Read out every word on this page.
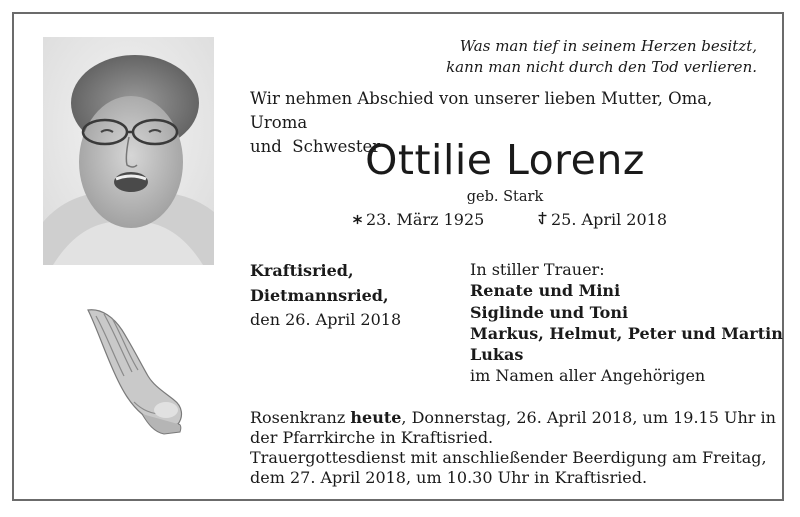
Was man tief in seinem Herzen besitzt,
kann man nicht durch den Tod verlieren.
Wir nehmen Abschied von unserer lieben Mutter, Oma, Uroma
und  Schwester
Ottilie Lorenz
geb. Stark
23. März 1925	25. April 2018
Kraftisried,
Dietmannsried,
den 26. April 2018
In stiller Trauer:
Renate und Mini
Siglinde und Toni
Markus, Helmut, Peter und Martin
Lukas
im Namen aller Angehörigen
Rosenkranz heute, Donnerstag, 26. April 2018, um 19.15 Uhr in
der Pfarrkirche in Kraftisried.
Trauergottesdienst mit anschließender Beerdigung am Freitag,
dem 27. April 2018, um 10.30 Uhr in Kraftisried.
